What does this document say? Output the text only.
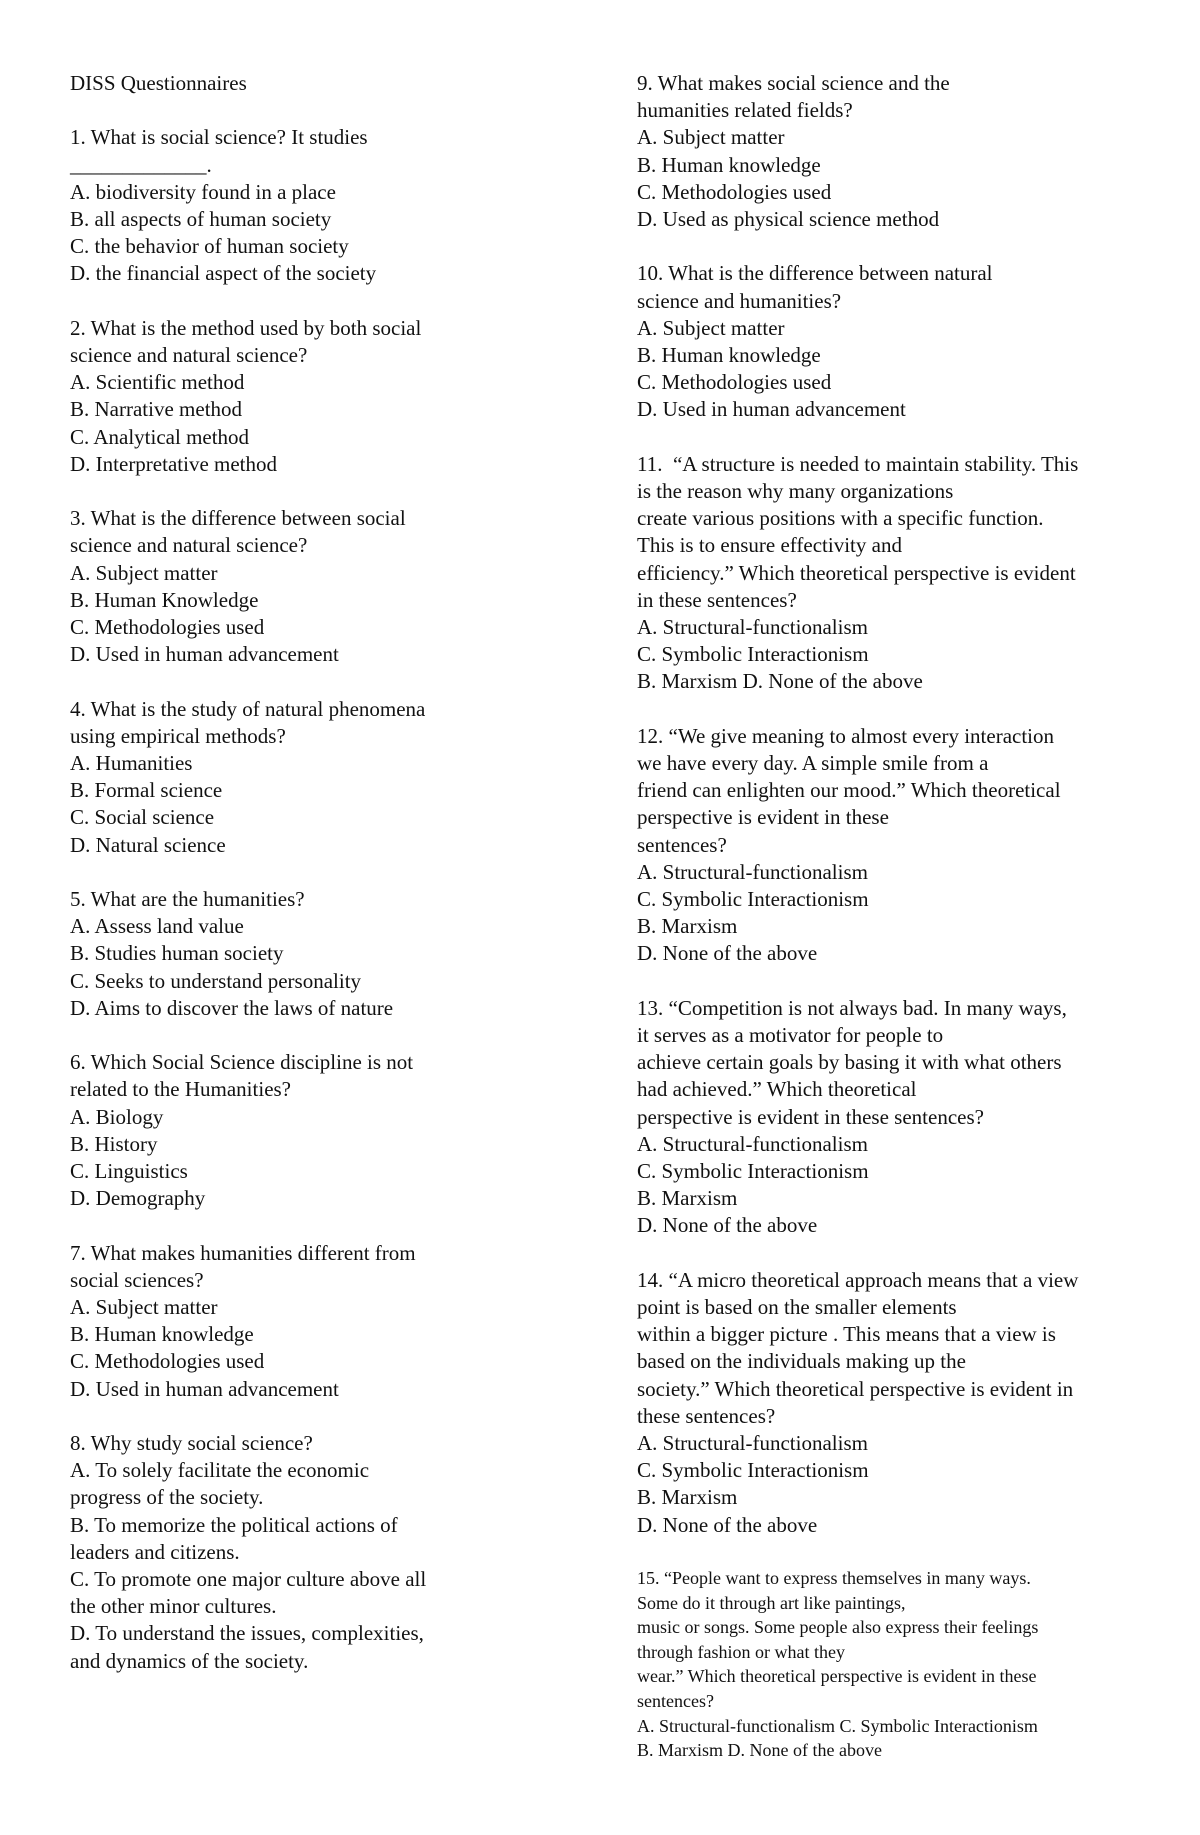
DISS Questionnaires
1. What is social science? It studies
_____________.
A. biodiversity found in a place
B. all aspects of human society
C. the behavior of human society
D. the financial aspect of the society
2. What is the method used by both social
science and natural science?
A. Scientific method
B. Narrative method
C. Analytical method
D. Interpretative method
3. What is the difference between social
science and natural science?
A. Subject matter
B. Human Knowledge
C. Methodologies used
D. Used in human advancement
4. What is the study of natural phenomena
using empirical methods?
A. Humanities
B. Formal science
C. Social science
D. Natural science
5. What are the humanities?
A. Assess land value
B. Studies human society
C. Seeks to understand personality
D. Aims to discover the laws of nature
6. Which Social Science discipline is not
related to the Humanities?
A. Biology
B. History
C. Linguistics
D. Demography
7. What makes humanities different from
social sciences?
A. Subject matter
B. Human knowledge
C. Methodologies used
D. Used in human advancement
8. Why study social science?
A. To solely facilitate the economic
progress of the society.
B. To memorize the political actions of
leaders and citizens.
C. To promote one major culture above all
the other minor cultures.
D. To understand the issues, complexities,
and dynamics of the society.
9. What makes social science and the
humanities related fields?
A. Subject matter
B. Human knowledge
C. Methodologies used
D. Used as physical science method
10. What is the difference between natural
science and humanities?
A. Subject matter
B. Human knowledge
C. Methodologies used
D. Used in human advancement
11.  “A structure is needed to maintain stability. This
is the reason why many organizations
create various positions with a specific function.
This is to ensure effectivity and
efficiency.” Which theoretical perspective is evident
in these sentences?
A. Structural-functionalism
C. Symbolic Interactionism
B. Marxism D. None of the above
12. “We give meaning to almost every interaction
we have every day. A simple smile from a
friend can enlighten our mood.” Which theoretical
perspective is evident in these
sentences?
A. Structural-functionalism
C. Symbolic Interactionism
B. Marxism
D. None of the above
13. “Competition is not always bad. In many ways,
it serves as a motivator for people to
achieve certain goals by basing it with what others
had achieved.” Which theoretical
perspective is evident in these sentences?
A. Structural-functionalism
C. Symbolic Interactionism
B. Marxism
D. None of the above
14. “A micro theoretical approach means that a view
point is based on the smaller elements
within a bigger picture . This means that a view is
based on the individuals making up the
society.” Which theoretical perspective is evident in
these sentences?
A. Structural-functionalism
C. Symbolic Interactionism
B. Marxism
D. None of the above
15. “People want to express themselves in many ways.
Some do it through art like paintings,
music or songs. Some people also express their feelings
through fashion or what they
wear.” Which theoretical perspective is evident in these
sentences?
A. Structural-functionalism C. Symbolic Interactionism
B. Marxism D. None of the above
